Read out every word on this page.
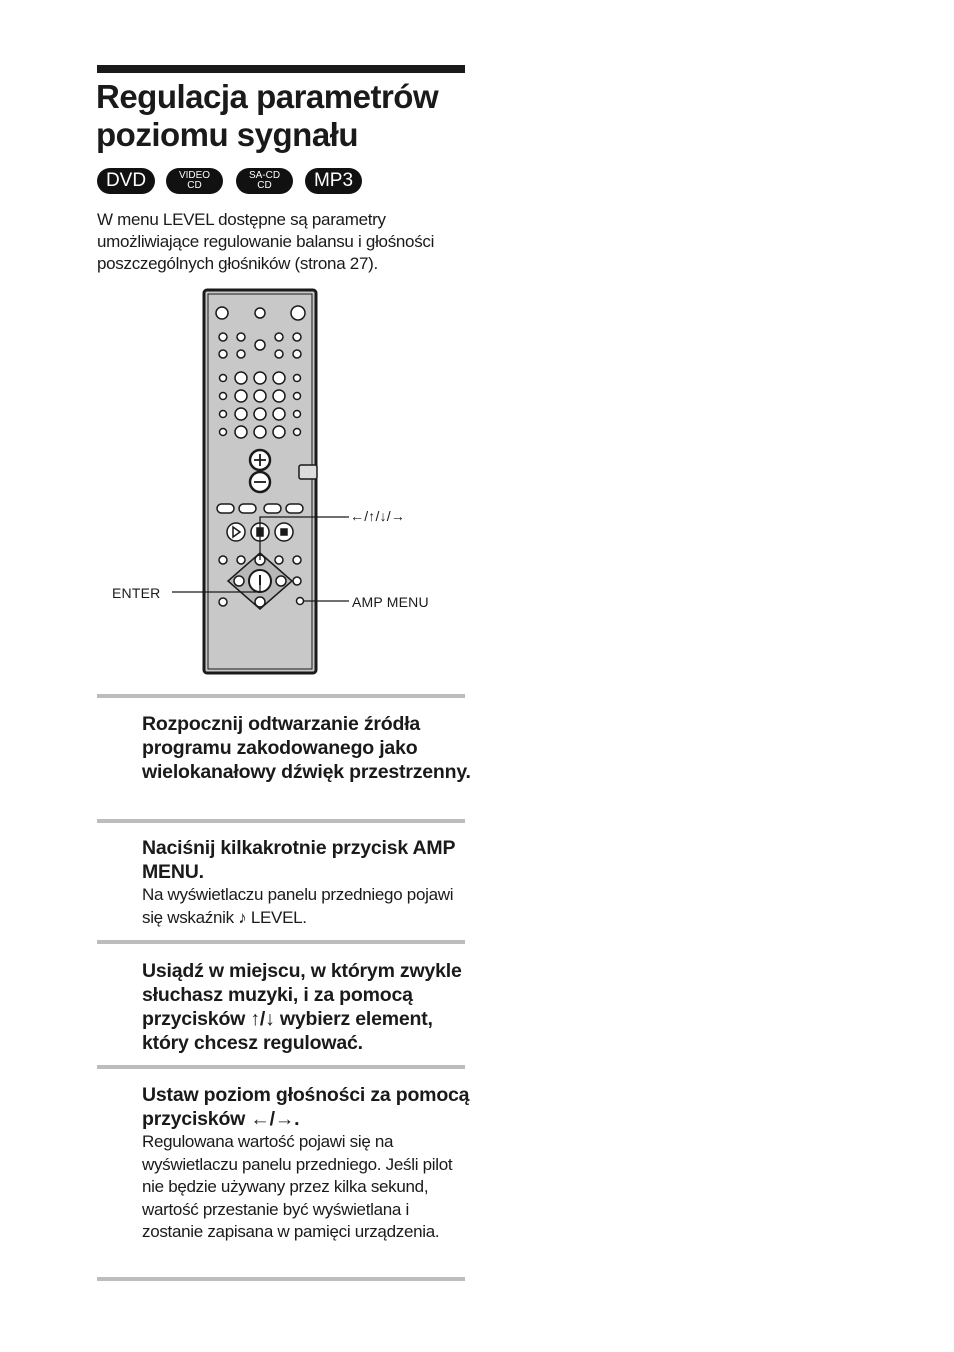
Regulacja parametrów
poziomu sygnału
DVD	VIDEO
CD
SA-CD
CD MP3

W menu LEVEL dostępne są parametry umożliwiające regulowanie balansu i głośności poszczególnych głośników (strona 27).

←/↑/↓/→
ENTER
AMP MENU
Rozpocznij odtwarzanie źródła programu zakodowanego jako wielokanałowy dźwięk przestrzenny.
Naciśnij kilkakrotnie przycisk AMP MENU.

Na wyświetlaczu panelu przedniego pojawi się wskaźnik ♪ LEVEL.

Usiądź w miejscu, w którym zwykle słuchasz muzyki, i za pomocą przycisków ↑/↓ wybierz element, który chcesz regulować.
Ustaw poziom głośności za pomocą przycisków ←/→.

Regulowana wartość pojawi się na wyświetlaczu panelu przedniego. Jeśli pilot nie będzie używany przez kilka sekund, wartość przestanie być wyświetlana i zostanie zapisana w pamięci urządzenia.
